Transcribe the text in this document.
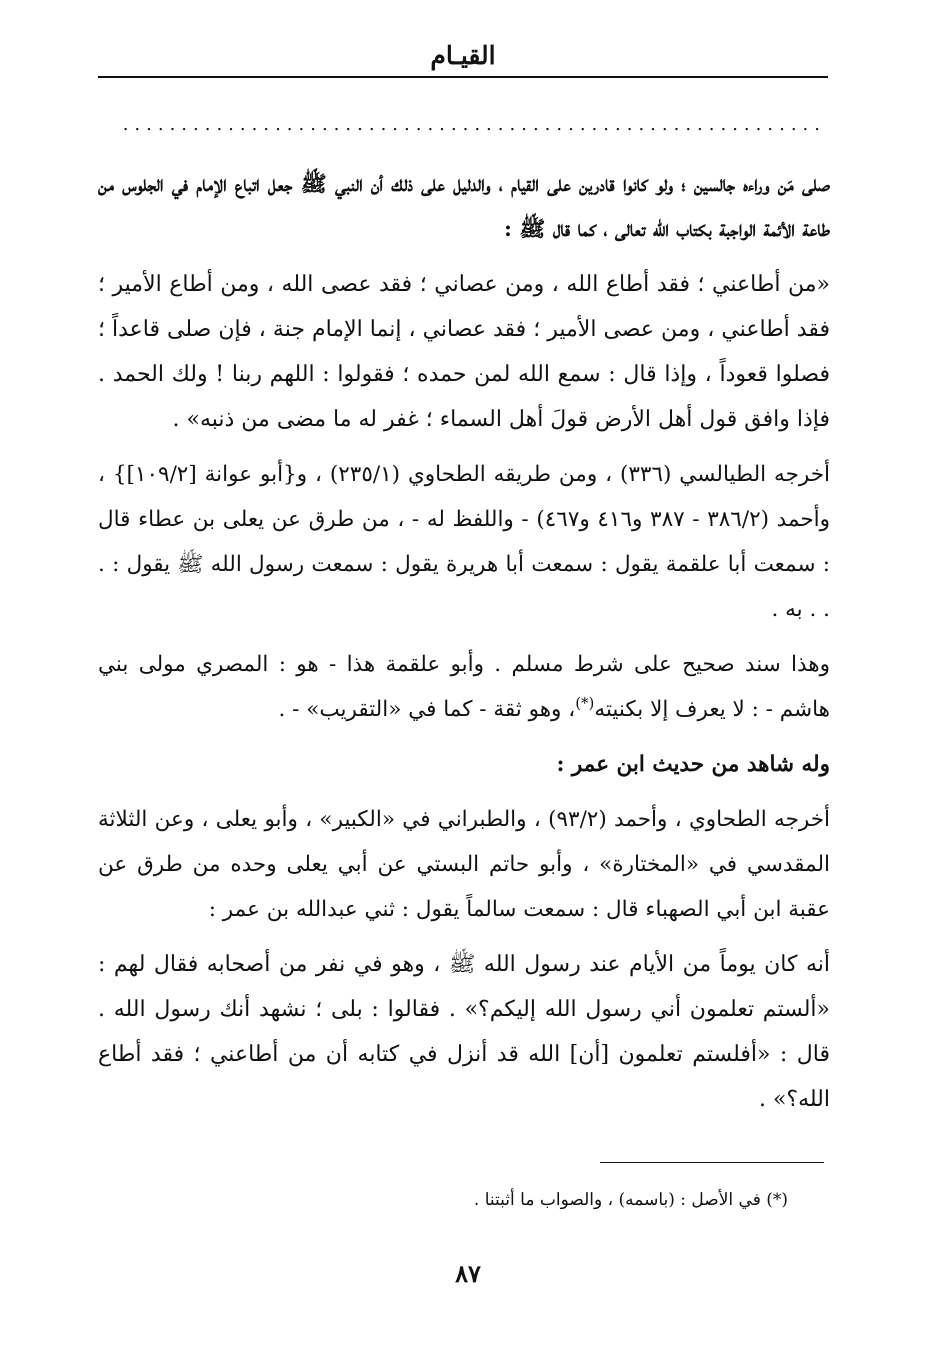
القيـام
............................................................

صلى مَن وراءه جالسين ؛ ولو كانوا قادرين على القيام ، والدليل على ذلك أن النبي ﷺ جعل اتباع الإمام في الجلوس من طاعة الأئمة الواجبة بكتاب الله تعالى ، كما قال ﷺ :

«من أطاعني ؛ فقد أطاع الله ، ومن عصاني ؛ فقد عصى الله ، ومن أطاع الأمير ؛ فقد أطاعني ، ومن عصى الأمير ؛ فقد عصاني ، إنما الإمام جنة ، فإن صلى قاعداً ؛ فصلوا قعوداً ، وإذا قال : سمع الله لمن حمده ؛ فقولوا : اللهم ربنا ! ولك الحمد . فإذا وافق قول أهل الأرض قولَ أهل السماء ؛ غفر له ما مضى من ذنبه» .

أخرجه الطيالسي (٣٣٦) ، ومن طريقه الطحاوي (٢٣٥/١) ، و{أبو عوانة [١٠٩/٢]} ، وأحمد (٣٨٦/٢ - ٣٨٧ و٤١٦ و٤٦٧) - واللفظ له - ، من طرق عن يعلى بن عطاء قال : سمعت أبا علقمة يقول : سمعت أبا هريرة يقول : سمعت رسول الله ﷺ يقول : . . . به .

وهذا سند صحيح على شرط مسلم . وأبو علقمة هذا - هو : المصري مولى بني هاشم - : لا يعرف إلا بكنيته(*)، وهو ثقة - كما في «التقريب» - .

وله شاهد من حديث ابن عمر :

أخرجه الطحاوي ، وأحمد (٩٣/٢) ، والطبراني في «الكبير» ، وأبو يعلى ، وعن الثلاثة المقدسي في «المختارة» ، وأبو حاتم البستي عن أبي يعلى وحده من طرق عن عقبة ابن أبي الصهباء قال : سمعت سالماً يقول : ثني عبدالله بن عمر :

أنه كان يوماً من الأيام عند رسول الله ﷺ ، وهو في نفر من أصحابه فقال لهم : «ألستم تعلمون أني رسول الله إليكم؟» . فقالوا : بلى ؛ نشهد أنك رسول الله . قال : «أفلستم تعلمون [أن] الله قد أنزل في كتابه أن من أطاعني ؛ فقد أطاع الله؟» .

(*) في الأصل : (باسمه) ، والصواب ما أثبتنا .
٨٧
